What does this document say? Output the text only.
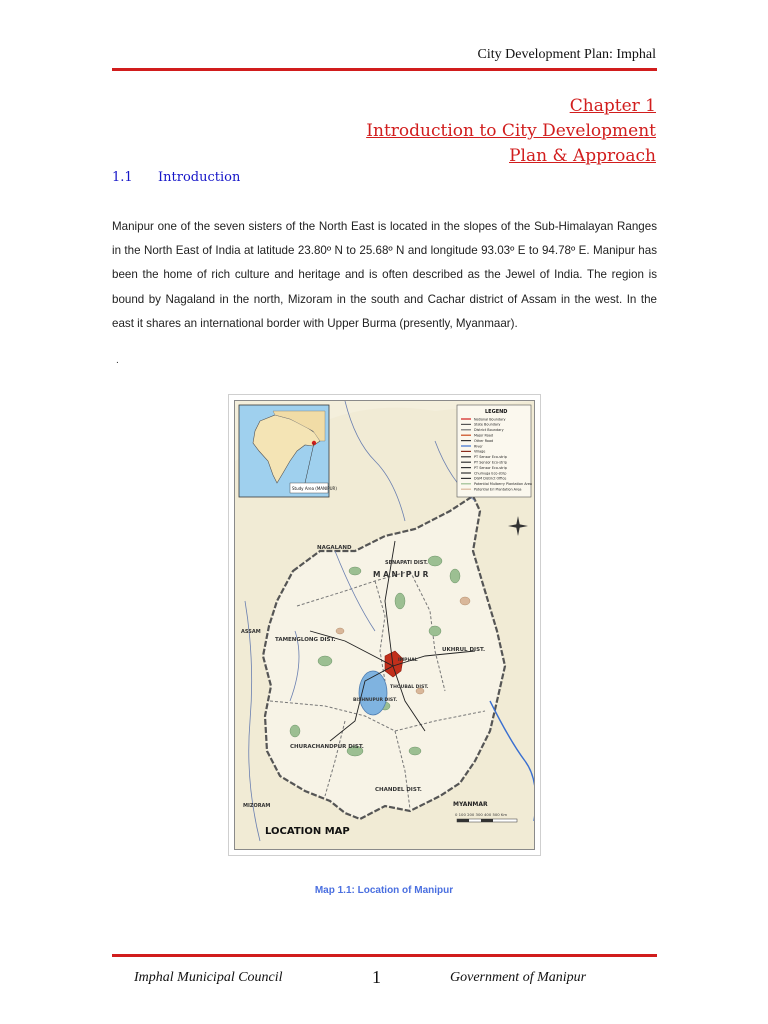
City Development Plan: Imphal
Chapter 1
Introduction to City Development
Plan & Approach
1.1 Introduction
Manipur one of the seven sisters of the North East is located in the slopes of the Sub-Himalayan Ranges in the North East of India at latitude 23.80º N to 25.68º N and longitude 93.03º E to 94.78º E. Manipur has been the home of rich culture and heritage and is often described as the Jewel of India. The region is bound by Nagaland in the north, Mizoram in the south and Cachar district of Assam in the west. In the east it shares an international border with Upper Burma (presently, Myanmaar).
.
Study Area (MANIPUR)
LEGEND
National Boundary
State Boundary
District Boundary
Major Road
Other Road
River
Village
PT Sensor Eco-strip
PT Sensor Eco-strip
PT Sensor Eco-strip
Chumuga Eco-strip
DGM District Office
Potential Mulberry Plantation Area
Potential Eri Plantation Area
NAGALAND
SENAPATI DIST.
M A N I P U R
ASSAM
TAMENGLONG DIST.
UKHRUL DIST.
IMPHAL
THOUBAL DIST.
BISHNUPUR DIST.
CHURACHANDPUR DIST.
CHANDEL DIST.
MYANMAR
MIZORAM
0 100 200 300 400 500 Km
LOCATION MAP
Map 1.1: Location of Manipur
Imphal Municipal Council	1	Government of Manipur
